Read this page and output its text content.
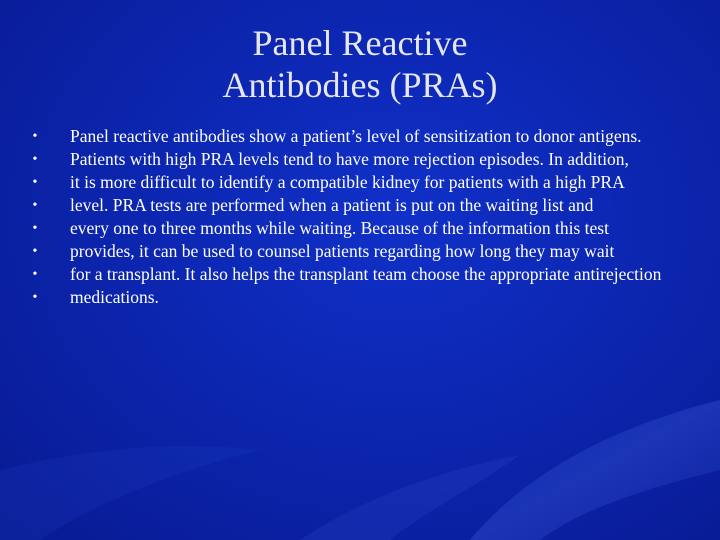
Panel Reactive
Antibodies (PRAs)
• Panel reactive antibodies show a patient’s level of sensitization to donor antigens.
• Patients with high PRA levels tend to have more rejection episodes. In addition,
• it is more difficult to identify a compatible kidney for patients with a high PRA
• level. PRA tests are performed when a patient is put on the waiting list and
• every one to three months while waiting. Because of the information this test
• provides, it can be used to counsel patients regarding how long they may wait
• for a transplant. It also helps the transplant team choose the appropriate antirejection
• medications.
